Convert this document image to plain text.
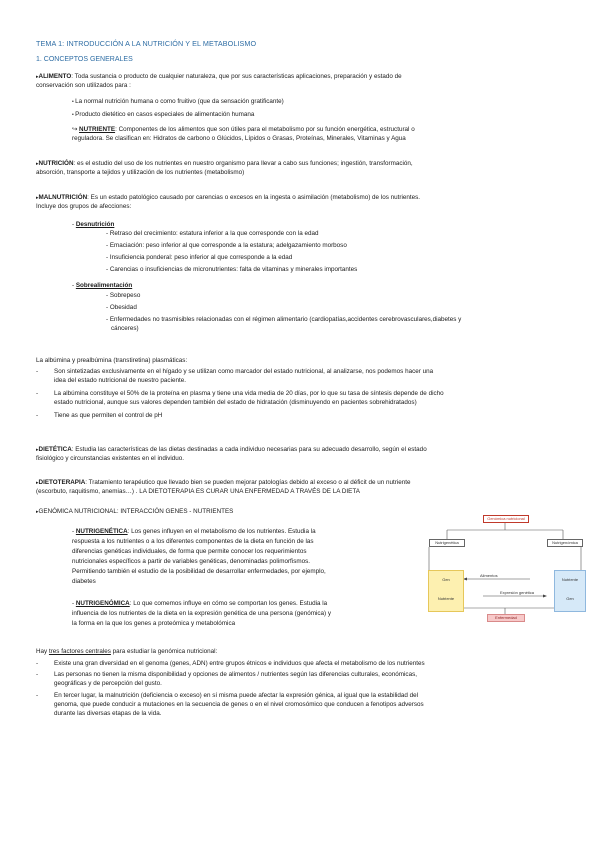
TEMA 1: INTRODUCCIÓN A LA NUTRICIÓN Y EL METABOLISMO
1. CONCEPTOS GENERALES
▸ALIMENTO: Toda sustancia o producto de cualquier naturaleza, que por sus características aplicaciones, preparación y estado de
conservación son utilizados para :
• La normal nutrición humana o como fruitivo (que da sensación gratificante)
• Producto dietético en casos especiales de alimentación humana
↪ NUTRIENTE: Componentes de los alimentos que son útiles para el metabolismo por su función energética, estructural o
reguladora. Se clasifican en: Hidratos de carbono o Glúcidos, Lípidos o Grasas, Proteínas, Minerales, Vitaminas y Agua
▸NUTRICIÓN: es el estudio del uso de los nutrientes en nuestro organismo para llevar a cabo sus funciones; ingestión, transformación,
absorción, transporte a tejidos y utilización de los nutrientes (metabolismo)
▸MALNUTRICIÓN: Es un estado patológico causado por carencias o excesos en la ingesta o asimilación (metabolismo) de los nutrientes.
Incluye dos grupos de afecciones:
- Desnutrición
- Retraso del crecimiento: estatura inferior a la que corresponde con la edad
- Emaciación: peso inferior al que corresponde a la estatura; adelgazamiento morboso
- Insuficiencia ponderal: peso inferior al que corresponde a la edad
- Carencias o insuficiencias de micronutrientes: falta de vitaminas y minerales importantes
- Sobrealimentación
- Sobrepeso
- Obesidad
- Enfermedades no trasmisibles relacionadas con el régimen alimentario (cardiopatías,accidentes cerebrovasculares,diabetes y
cánceres)
La albúmina y prealbúmina (transtiretina) plasmáticas:
-	Son sintetizadas exclusivamente en el hígado y se utilizan como marcador del estado nutricional, al analizarse, nos podemos hacer una
idea del estado nutricional de nuestro paciente.
-	La albúmina constituye el 50% de la proteína en plasma y tiene una vida media de 20 días, por lo que su tasa de síntesis depende de dicho
estado nutricional, aunque sus valores dependen también del estado de hidratación (disminuyendo en pacientes sobrehidratados)
-	Tiene as que permiten el control de pH
▸DIETÉTICA: Estudia las características de las dietas destinadas a cada individuo necesarias para su adecuado desarrollo, según el estado
fisiológico y circunstancias existentes en el individuo.
▸DIETOTERAPIA: Tratamiento terapéutico que llevado bien se pueden mejorar patologías debido al exceso o al déficit de un nutriente
(escorbuto, raquitismo, anemias…) . LA DIETOTERAPIA ES CURAR UNA ENFERMEDAD A TRAVÉS DE LA DIETA
▸GENÓMICA NUTRICIONAL: INTERACCIÓN GENES - NUTRIENTES
- NUTRIGENÉTICA: Los genes influyen en el metabolismo de los nutrientes. Estudia la
respuesta a los nutrientes o a los diferentes componentes de la dieta en función de las
diferencias genéticas individuales, de forma que permite conocer los requerimientos
nutricionales específicos a partir de variables genéticas, denominadas polimorfismos.
Permitiendo también el estudio de la posibilidad de desarrollar enfermedades, por ejemplo,
diabetes
- NUTRIGENÓMICA: Lo que comemos influye en cómo se comportan los genes. Estudia la
influencia de los nutrientes de la dieta en la expresión genética de una persona (genómica) y
la forma en la que los genes a proteómica y metabolómica
Genómica nutricional
Nutrigenética	Nutrigenómica
Gen
Nutriente
Nutriente
Gen
Alimentos
Expresión genética
Enfermedad
Hay tres factores centrales para estudiar la genómica nutricional:
-	Existe una gran diversidad en el genoma (genes, ADN) entre grupos étnicos e individuos que afecta el metabolismo de los nutrientes
-	Las personas no tienen la misma disponibilidad y opciones de alimentos / nutrientes según las diferencias culturales, económicas,
geográficas y de percepción del gusto.
-	En tercer lugar, la malnutrición (deficiencia o exceso) en sí misma puede afectar la expresión génica, al igual que la estabilidad del
genoma, que puede conducir a mutaciones en la secuencia de genes o en el nivel cromosómico que conducen a fenotipos adversos
durante las diversas etapas de la vida.
